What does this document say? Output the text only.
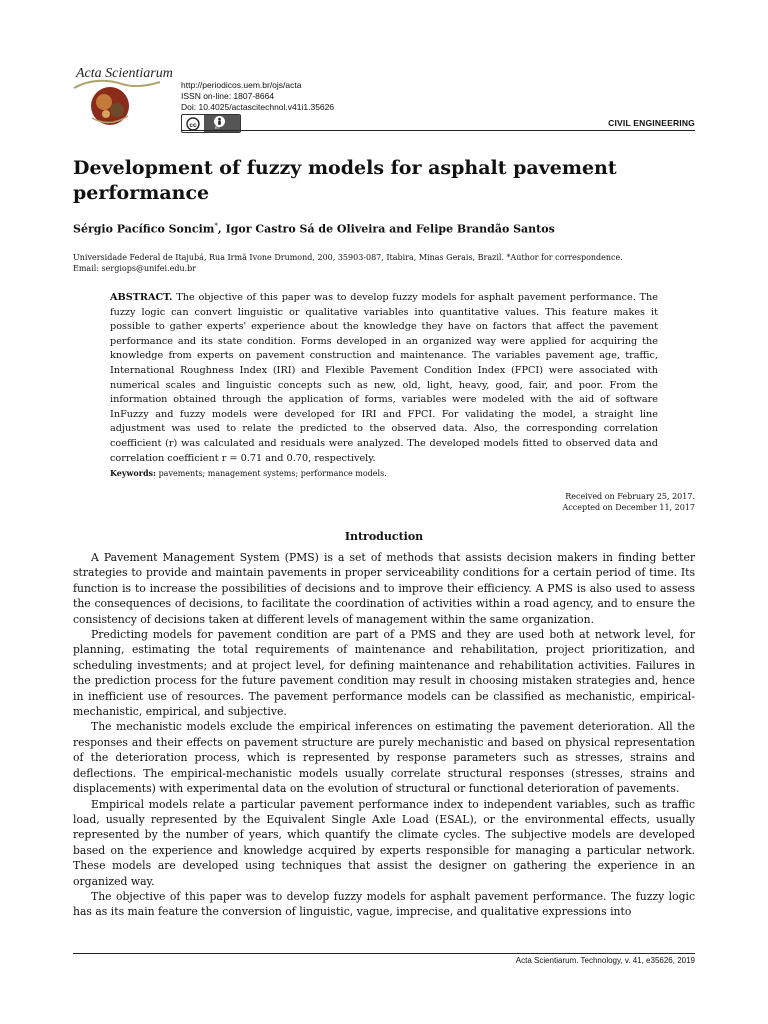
Acta Scientiarum
http://periodicos.uem.br/ojs/acta
ISSN on-line: 1807-8664
Doi: 10.4025/actascitechnol.v41i1.35626
cc	BY	CIVIL ENGINEERING
Development of fuzzy models for asphalt pavement performance
Sérgio Pacífico Soncim*, Igor Castro Sá de Oliveira and Felipe Brandão Santos
Universidade Federal de Itajubá, Rua Irmã Ivone Drumond, 200, 35903-087, Itabira, Minas Gerais, Brazil. *Author for correspondence.
Email: sergiops@unifei.edu.br
ABSTRACT. The objective of this paper was to develop fuzzy models for asphalt pavement performance. The fuzzy logic can convert linguistic or qualitative variables into quantitative values. This feature makes it possible to gather experts' experience about the knowledge they have on factors that affect the pavement performance and its state condition. Forms developed in an organized way were applied for acquiring the knowledge from experts on pavement construction and maintenance. The variables pavement age, traffic, International Roughness Index (IRI) and Flexible Pavement Condition Index (FPCI) were associated with numerical scales and linguistic concepts such as new, old, light, heavy, good, fair, and poor. From the information obtained through the application of forms, variables were modeled with the aid of software InFuzzy and fuzzy models were developed for IRI and FPCI. For validating the model, a straight line adjustment was used to relate the predicted to the observed data. Also, the corresponding correlation coefficient (r) was calculated and residuals were analyzed. The developed models fitted to observed data and correlation coefficient r = 0.71 and 0.70, respectively.
Keywords: pavements; management systems; performance models.
Received on February 25, 2017.
Accepted on December 11, 2017
Introduction

A Pavement Management System (PMS) is a set of methods that assists decision makers in finding better strategies to provide and maintain pavements in proper serviceability conditions for a certain period of time. Its function is to increase the possibilities of decisions and to improve their efficiency. A PMS is also used to assess the consequences of decisions, to facilitate the coordination of activities within a road agency, and to ensure the consistency of decisions taken at different levels of management within the same organization.

Predicting models for pavement condition are part of a PMS and they are used both at network level, for planning, estimating the total requirements of maintenance and rehabilitation, project prioritization, and scheduling investments; and at project level, for defining maintenance and rehabilitation activities. Failures in the prediction process for the future pavement condition may result in choosing mistaken strategies and, hence in inefficient use of resources. The pavement performance models can be classified as mechanistic, empirical-mechanistic, empirical, and subjective.

The mechanistic models exclude the empirical inferences on estimating the pavement deterioration. All the responses and their effects on pavement structure are purely mechanistic and based on physical representation of the deterioration process, which is represented by response parameters such as stresses, strains and deflections. The empirical-mechanistic models usually correlate structural responses (stresses, strains and displacements) with experimental data on the evolution of structural or functional deterioration of pavements.

Empirical models relate a particular pavement performance index to independent variables, such as traffic load, usually represented by the Equivalent Single Axle Load (ESAL), or the environmental effects, usually represented by the number of years, which quantify the climate cycles. The subjective models are developed based on the experience and knowledge acquired by experts responsible for managing a particular network. These models are developed using techniques that assist the designer on gathering the experience in an organized way.

The objective of this paper was to develop fuzzy models for asphalt pavement performance. The fuzzy logic has as its main feature the conversion of linguistic, vague, imprecise, and qualitative expressions into

Acta Scientiarum. Technology, v. 41, e35626, 2019
